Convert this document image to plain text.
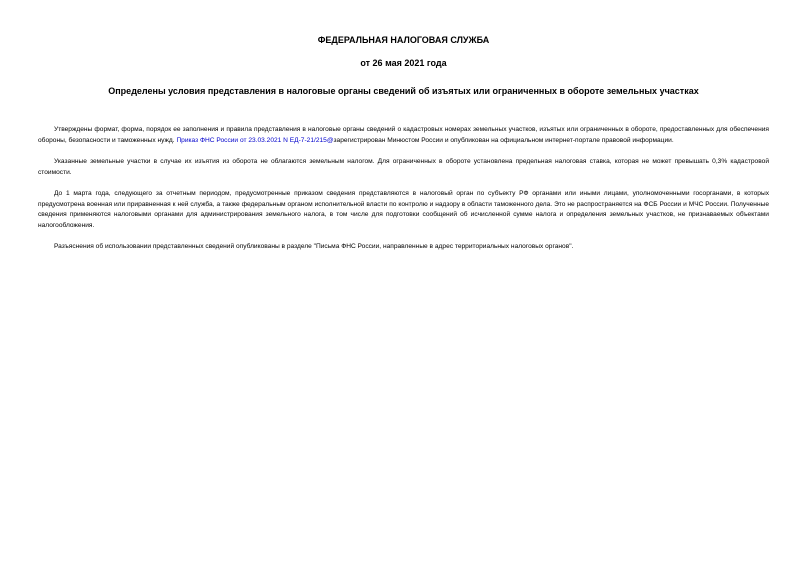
ФЕДЕРАЛЬНАЯ НАЛОГОВАЯ СЛУЖБА
от 26 мая 2021 года
Определены условия представления в налоговые органы сведений об изъятых или ограниченных в обороте земельных участках

Утверждены формат, форма, порядок ее заполнения и правила представления в налоговые органы сведений о кадастровых номерах земельных участков, изъятых или ограниченных в обороте, предоставленных для обеспечения обороны, безопасности и таможенных нужд. Приказ ФНС России от 23.03.2021 N ЕД-7-21/215@зарегистрирован Минюстом России и опубликован на официальном интернет-портале правовой информации.

Указанные земельные участки в случае их изъятия из оборота не облагаются земельным налогом. Для ограниченных в обороте установлена предельная налоговая ставка, которая не может превышать 0,3% кадастровой стоимости.

До 1 марта года, следующего за отчетным периодом, предусмотренные приказом сведения представляются в налоговый орган по субъекту РФ органами или иными лицами, уполномоченными госорганами, в которых предусмотрена военная или приравненная к ней служба, а также федеральным органом исполнительной власти по контролю и надзору в области таможенного дела. Это не распространяется на ФСБ России и МЧС России. Полученные сведения применяются налоговыми органами для администрирования земельного налога, в том числе для подготовки сообщений об исчисленной сумме налога и определения земельных участков, не признаваемых объектами налогообложения.

Разъяснения об использовании представленных сведений опубликованы в разделе "Письма ФНС России, направленные в адрес территориальных налоговых органов".
